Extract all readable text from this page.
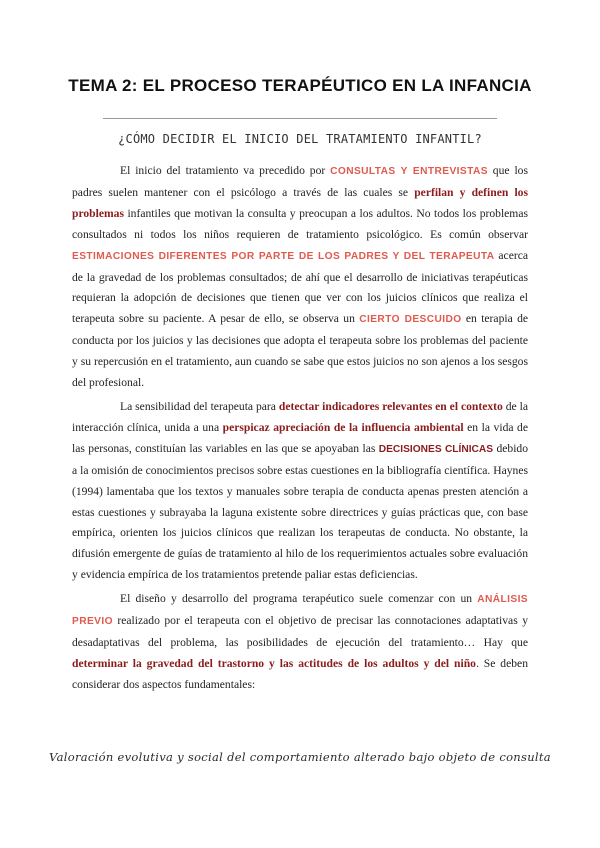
TEMA 2: EL PROCESO TERAPÉUTICO EN LA INFANCIA
¿CÓMO DECIDIR EL INICIO DEL TRATAMIENTO INFANTIL?

El inicio del tratamiento va precedido por CONSULTAS Y ENTREVISTAS que los padres suelen mantener con el psicólogo a través de las cuales se perfilan y definen los problemas infantiles que motivan la consulta y preocupan a los adultos. No todos los problemas consultados ni todos los niños requieren de tratamiento psicológico. Es común observar ESTIMACIONES DIFERENTES POR PARTE DE LOS PADRES Y DEL TERAPEUTA acerca de la gravedad de los problemas consultados; de ahí que el desarrollo de iniciativas terapéuticas requieran la adopción de decisiones que tienen que ver con los juicios clínicos que realiza el terapeuta sobre su paciente. A pesar de ello, se observa un CIERTO DESCUIDO en terapia de conducta por los juicios y las decisiones que adopta el terapeuta sobre los problemas del paciente y su repercusión en el tratamiento, aun cuando se sabe que estos juicios no son ajenos a los sesgos del profesional.

La sensibilidad del terapeuta para detectar indicadores relevantes en el contexto de la interacción clínica, unida a una perspicaz apreciación de la influencia ambiental en la vida de las personas, constituían las variables en las que se apoyaban las DECISIONES CLÍNICAS debido a la omisión de conocimientos precisos sobre estas cuestiones en la bibliografía científica. Haynes (1994) lamentaba que los textos y manuales sobre terapia de conducta apenas presten atención a estas cuestiones y subrayaba la laguna existente sobre directrices y guías prácticas que, con base empírica, orienten los juicios clínicos que realizan los terapeutas de conducta. No obstante, la difusión emergente de guías de tratamiento al hilo de los requerimientos actuales sobre evaluación y evidencia empírica de los tratamientos pretende paliar estas deficiencias.

El diseño y desarrollo del programa terapéutico suele comenzar con un ANÁLISIS PREVIO realizado por el terapeuta con el objetivo de precisar las connotaciones adaptativas y desadaptativas del problema, las posibilidades de ejecución del tratamiento… Hay que determinar la gravedad del trastorno y las actitudes de los adultos y del niño. Se deben considerar dos aspectos fundamentales:

Valoración evolutiva y social del comportamiento alterado bajo objeto de consulta
